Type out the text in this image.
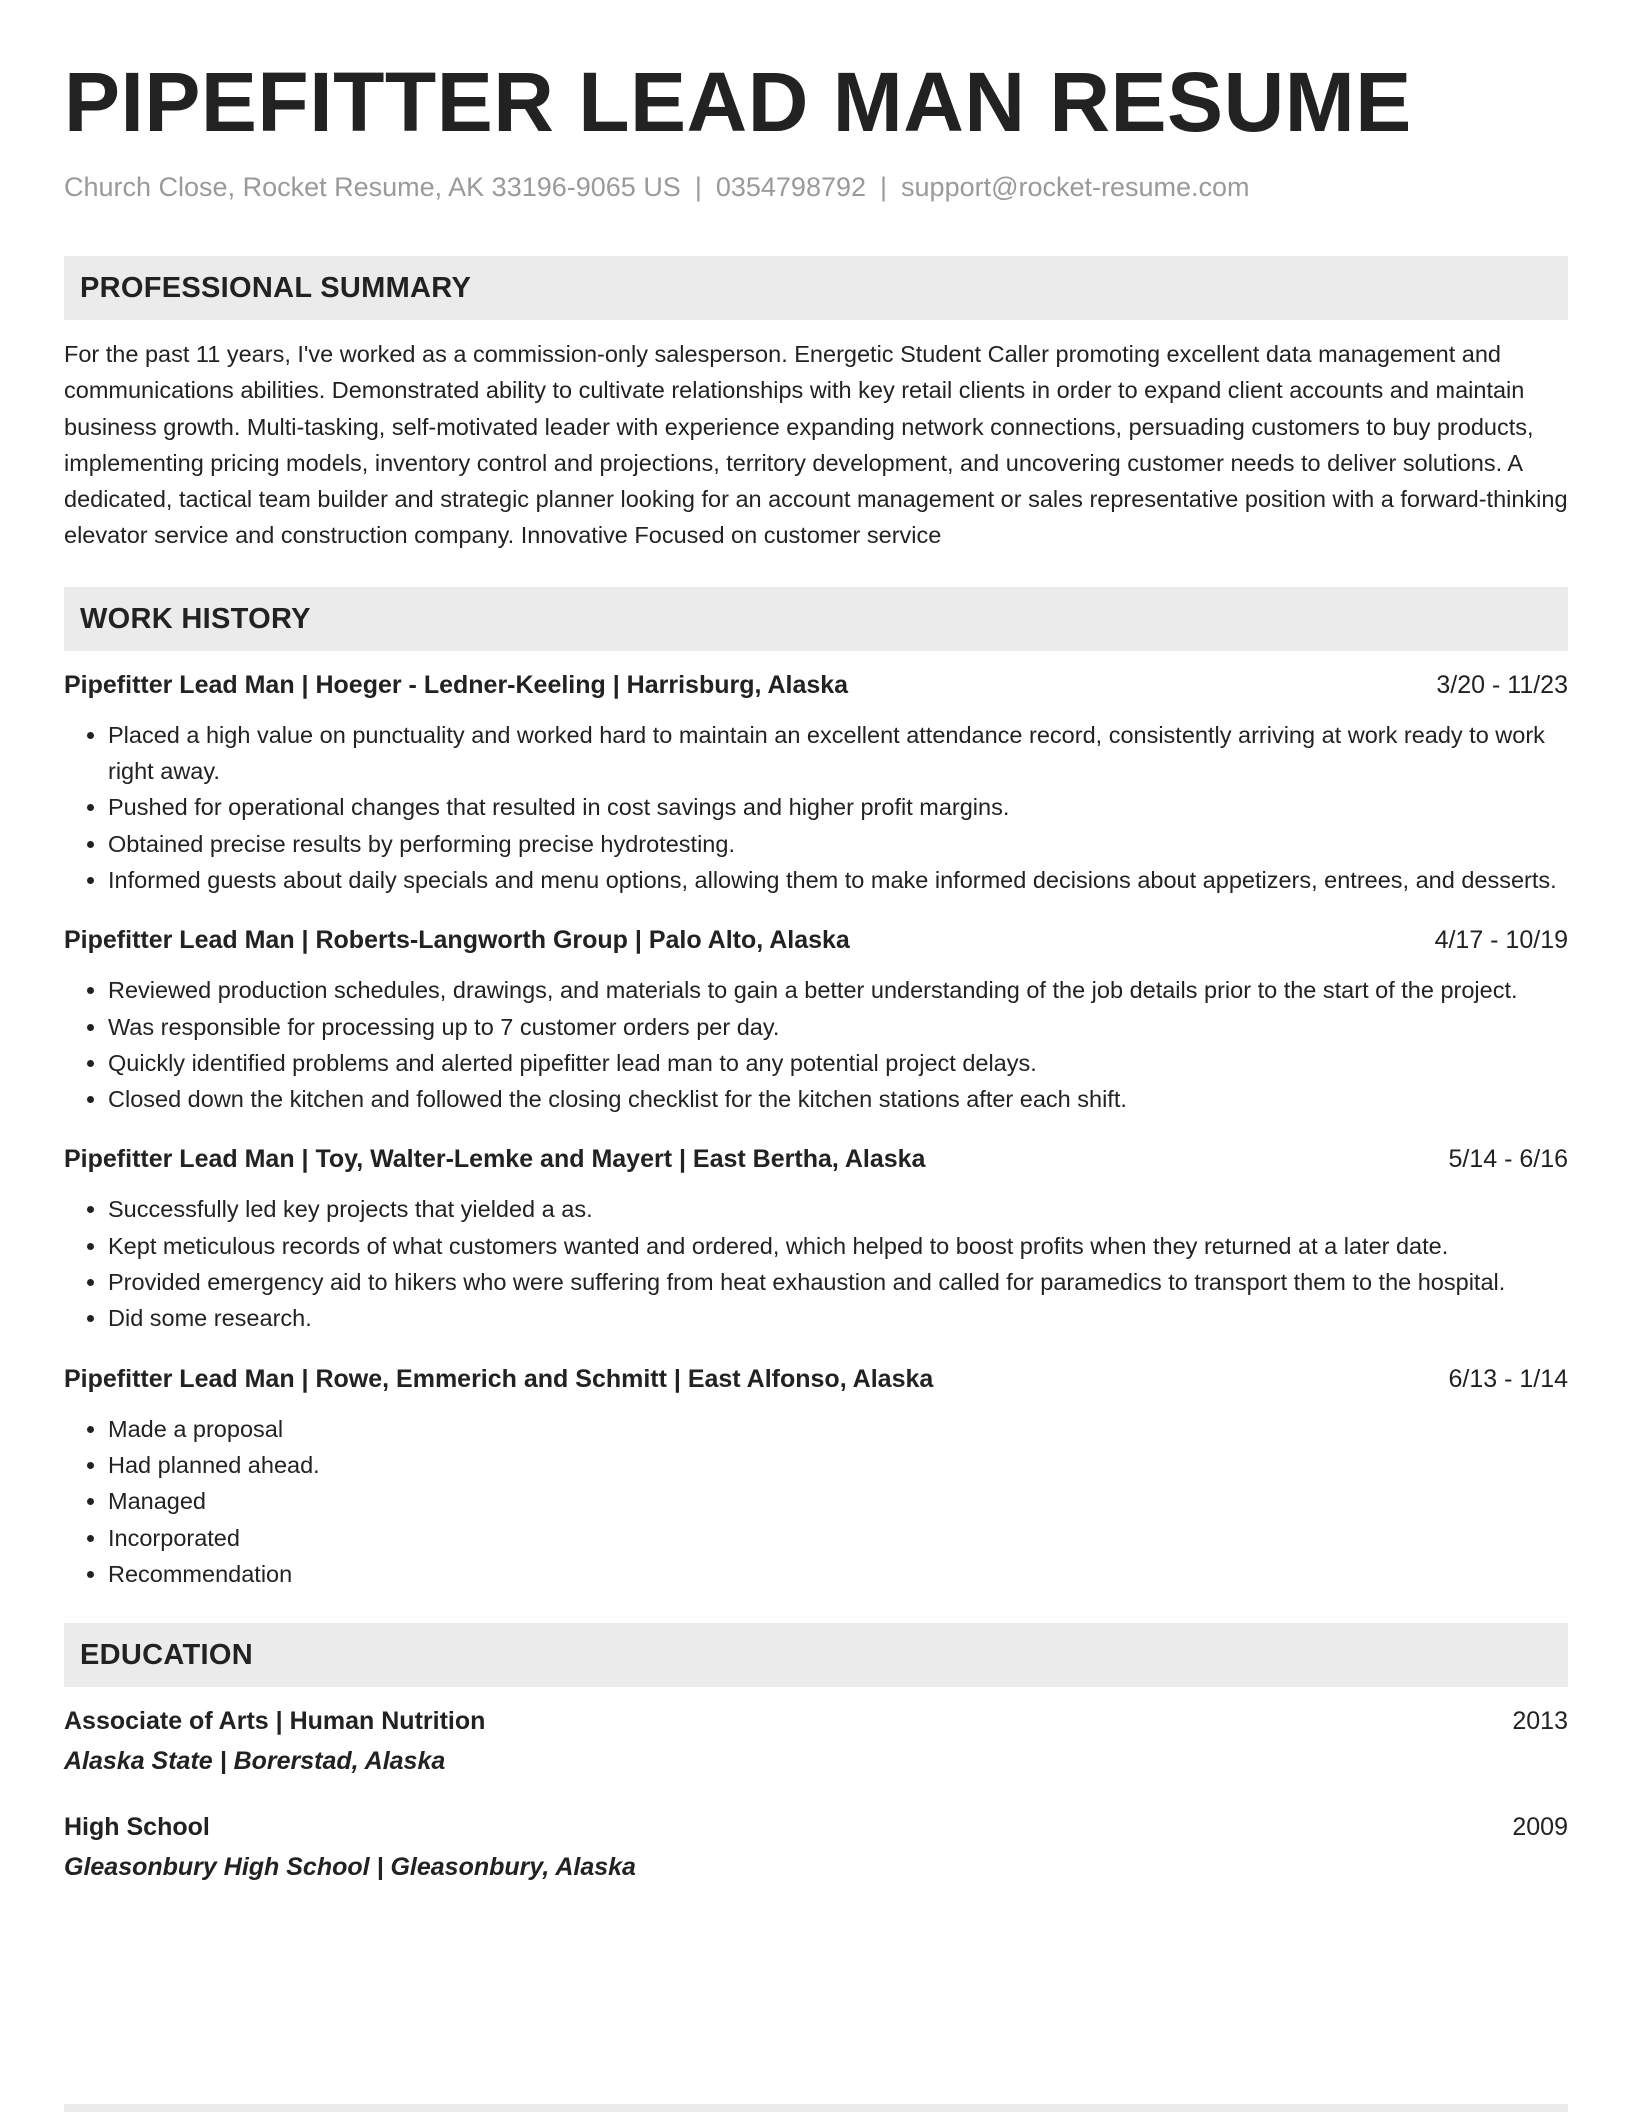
PIPEFITTER LEAD MAN RESUME
Church Close, Rocket Resume, AK 33196-9065 US | 0354798792 | support@rocket-resume.com
PROFESSIONAL SUMMARY

For the past 11 years, I've worked as a commission-only salesperson. Energetic Student Caller promoting excellent data management and communications abilities. Demonstrated ability to cultivate relationships with key retail clients in order to expand client accounts and maintain business growth. Multi-tasking, self-motivated leader with experience expanding network connections, persuading customers to buy products, implementing pricing models, inventory control and projections, territory development, and uncovering customer needs to deliver solutions. A dedicated, tactical team builder and strategic planner looking for an account management or sales representative position with a forward-thinking elevator service and construction company. Innovative Focused on customer service

WORK HISTORY
Pipefitter Lead Man | Hoeger - Ledner-Keeling | Harrisburg, Alaska	3/20 - 11/23
• Placed a high value on punctuality and worked hard to maintain an excellent attendance record, consistently arriving at work ready to work right away.
• Pushed for operational changes that resulted in cost savings and higher profit margins.
• Obtained precise results by performing precise hydrotesting.
• Informed guests about daily specials and menu options, allowing them to make informed decisions about appetizers, entrees, and desserts.
Pipefitter Lead Man | Roberts-Langworth Group | Palo Alto, Alaska	4/17 - 10/19
• Reviewed production schedules, drawings, and materials to gain a better understanding of the job details prior to the start of the project.
• Was responsible for processing up to 7 customer orders per day.
• Quickly identified problems and alerted pipefitter lead man to any potential project delays.
• Closed down the kitchen and followed the closing checklist for the kitchen stations after each shift.
Pipefitter Lead Man | Toy, Walter-Lemke and Mayert | East Bertha, Alaska	5/14 - 6/16
• Successfully led key projects that yielded a as.
• Kept meticulous records of what customers wanted and ordered, which helped to boost profits when they returned at a later date.
• Provided emergency aid to hikers who were suffering from heat exhaustion and called for paramedics to transport them to the hospital.
• Did some research.
Pipefitter Lead Man | Rowe, Emmerich and Schmitt | East Alfonso, Alaska	6/13 - 1/14
• Made a proposal
• Had planned ahead.
• Managed
• Incorporated
• Recommendation
EDUCATION
Associate of Arts | Human Nutrition	2013
Alaska State | Borerstad, Alaska
High School	2009
Gleasonbury High School | Gleasonbury, Alaska
